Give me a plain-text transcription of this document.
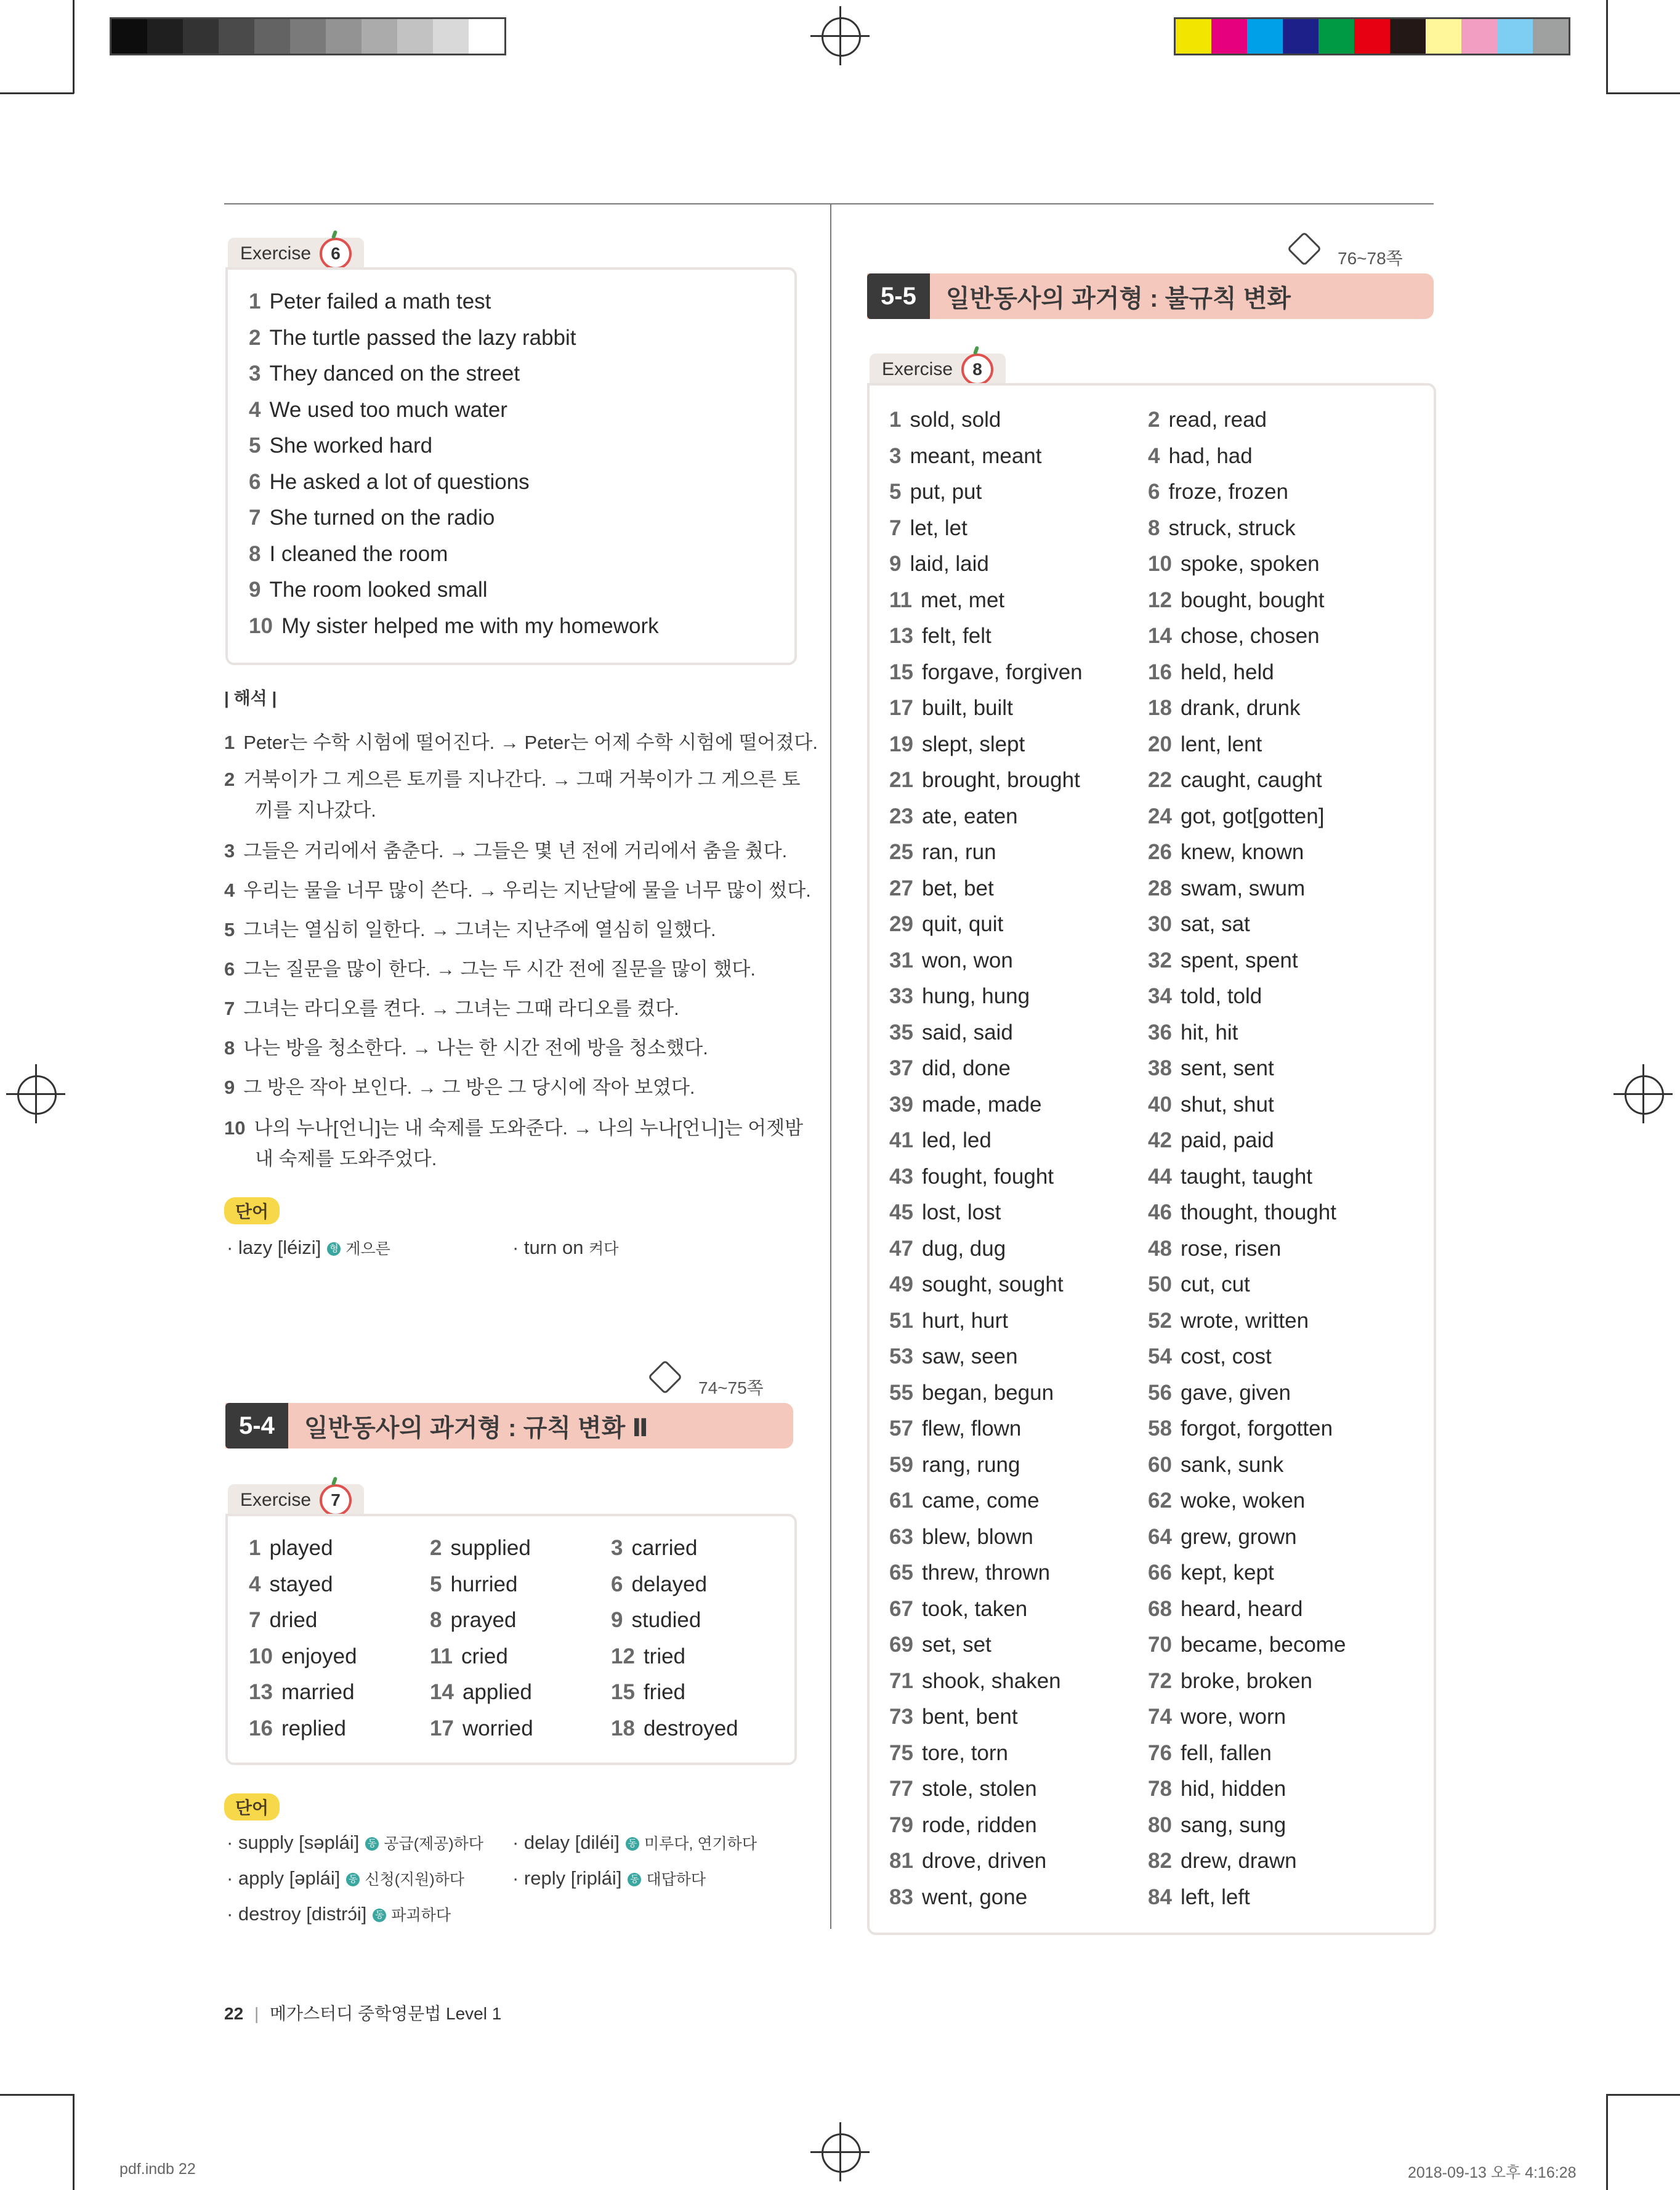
Exercise 6
| 해석 |
1 Peter는 수학 시험에 떨어진다. → Peter는 어제 수학 시험에 떨어졌다.
2 거북이가 그 게으른 토끼를 지나간다. → 그때 거북이가 그 게으른 토
끼를 지나갔다.
3 그들은 거리에서 춤춘다. → 그들은 몇 년 전에 거리에서 춤을 췄다.
4 우리는 물을 너무 많이 쓴다. → 우리는 지난달에 물을 너무 많이 썼다.
5 그녀는 열심히 일한다. → 그녀는 지난주에 열심히 일했다.
6 그는 질문을 많이 한다. → 그는 두 시간 전에 질문을 많이 했다.
7 그녀는 라디오를 켠다. → 그녀는 그때 라디오를 켰다.
8 나는 방을 청소한다. → 나는 한 시간 전에 방을 청소했다.
9 그 방은 작아 보인다. → 그 방은 그 당시에 작아 보였다.
10 나의 누나[언니]는 내 숙제를 도와준다. → 나의 누나[언니]는 어젯밤
내 숙제를 도와주었다.
단어
· lazy [léizi] 형 게으른	· turn on 켜다
74~75쪽
5-4	일반동사의 과거형 : 규칙 변화 Ⅱ
Exercise 7
단어
· supply [səplái] 동 공급(제공)하다 · delay [diléi] 동 미루다, 연기하다
· apply [əplái] 동 신청(지원)하다	· reply [riplái] 동 대답하다
· destroy [distrɔ́i] 동 파괴하다
76~78쪽
5-5	일반동사의 과거형 : 불규칙 변화
Exercise 8
22 | 메가스터디 중학영문법 Level 1
pdf.indb 22	2018-09-13 오후 4:16:28
1 Peter failed a math test
2 The turtle passed the lazy rabbit
3 They danced on the street
4 We used too much water
5 She worked hard
6 He asked a lot of questions
7 She turned on the radio
8 I cleaned the room
9 The room looked small
10 My sister helped me with my homework
1 played	2 supplied	3 carried
4 stayed	5 hurried	6 delayed
7 dried	8 prayed	9 studied
10 enjoyed	11 cried	12 tried
13 married	14 applied	15 fried
16 replied	17 worried	18 destroyed
1 sold, sold	2 read, read
3 meant, meant	4 had, had
5 put, put	6 froze, frozen
7 let, let	8 struck, struck
9 laid, laid	10 spoke, spoken
11 met, met	12 bought, bought
13 felt, felt	14 chose, chosen
15 forgave, forgiven	16 held, held
17 built, built	18 drank, drunk
19 slept, slept	20 lent, lent
21 brought, brought	22 caught, caught
23 ate, eaten	24 got, got[gotten]
25 ran, run	26 knew, known
27 bet, bet	28 swam, swum
29 quit, quit	30 sat, sat
31 won, won	32 spent, spent
33 hung, hung	34 told, told
35 said, said	36 hit, hit
37 did, done	38 sent, sent
39 made, made	40 shut, shut
41 led, led	42 paid, paid
43 fought, fought	44 taught, taught
45 lost, lost	46 thought, thought
47 dug, dug	48 rose, risen
49 sought, sought	50 cut, cut
51 hurt, hurt	52 wrote, written
53 saw, seen	54 cost, cost
55 began, begun	56 gave, given
57 flew, flown	58 forgot, forgotten
59 rang, rung	60 sank, sunk
61 came, come	62 woke, woken
63 blew, blown	64 grew, grown
65 threw, thrown	66 kept, kept
67 took, taken	68 heard, heard
69 set, set	70 became, become
71 shook, shaken	72 broke, broken
73 bent, bent	74 wore, worn
75 tore, torn	76 fell, fallen
77 stole, stolen	78 hid, hidden
79 rode, ridden	80 sang, sung
81 drove, driven	82 drew, drawn
83 went, gone	84 left, left
